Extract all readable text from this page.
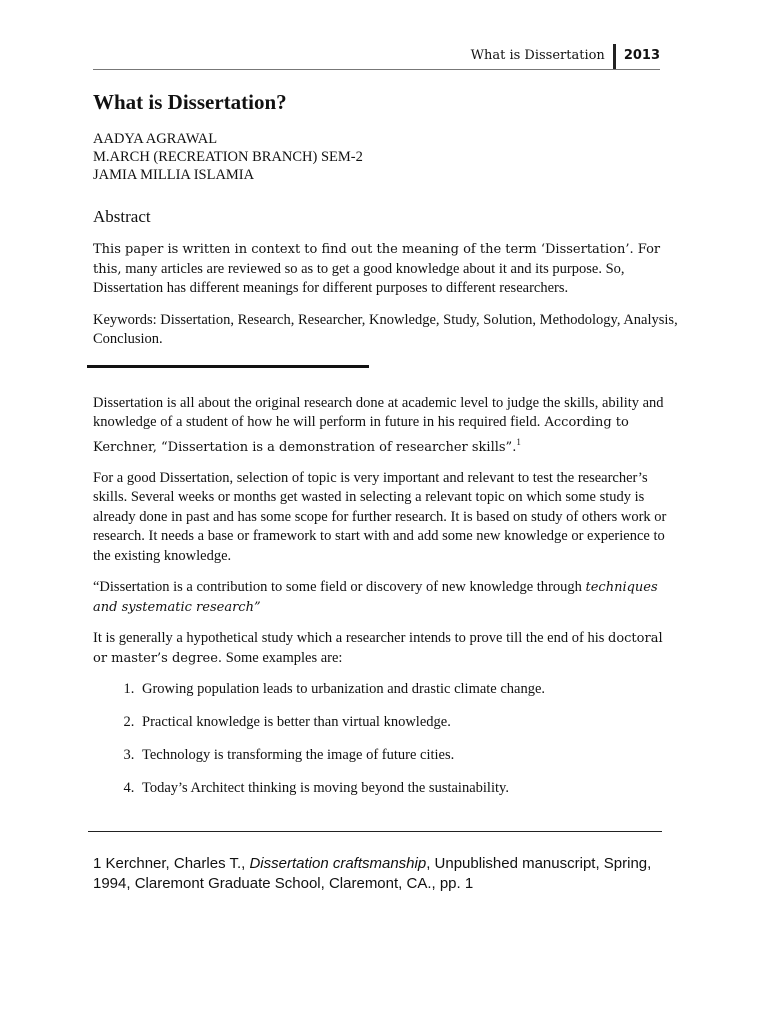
What is Dissertation	2013
What is Dissertation?
AADYA AGRAWAL
M.ARCH (RECREATION BRANCH) SEM-2
JAMIA MILLIA ISLAMIA
Abstract

This paper is written in context to find out the meaning of the term ‘Dissertation’. For this, many articles are reviewed so as to get a good knowledge about it and its purpose. So, Dissertation has different meanings for different purposes to different researchers.

Keywords: Dissertation, Research, Researcher, Knowledge, Study, Solution, Methodology, Analysis, Conclusion.

Dissertation is all about the original research done at academic level to judge the skills, ability and knowledge of a student of how he will perform in future in his required field. According to Kerchner, “Dissertation is a demonstration of researcher skills”.$^1$

For a good Dissertation, selection of topic is very important and relevant to test the researcher’s skills. Several weeks or months get wasted in selecting a relevant topic on which some study is already done in past and has some scope for further research. It is based on study of others work or research. It needs a base or framework to start with and add some new knowledge or experience to the existing knowledge.

“Dissertation is a contribution to some field or discovery of new knowledge through techniques and systematic research”

It is generally a hypothetical study which a researcher intends to prove till the end of his doctoral or master’s degree. Some examples are:

1. Growing population leads to urbanization and drastic climate change.
2. Practical knowledge is better than virtual knowledge.
3. Technology is transforming the image of future cities.
4. Today’s Architect thinking is moving beyond the sustainability.
1 Kerchner, Charles T., Dissertation craftsmanship, Unpublished manuscript, Spring, 1994, Claremont Graduate School, Claremont, CA., pp. 1
